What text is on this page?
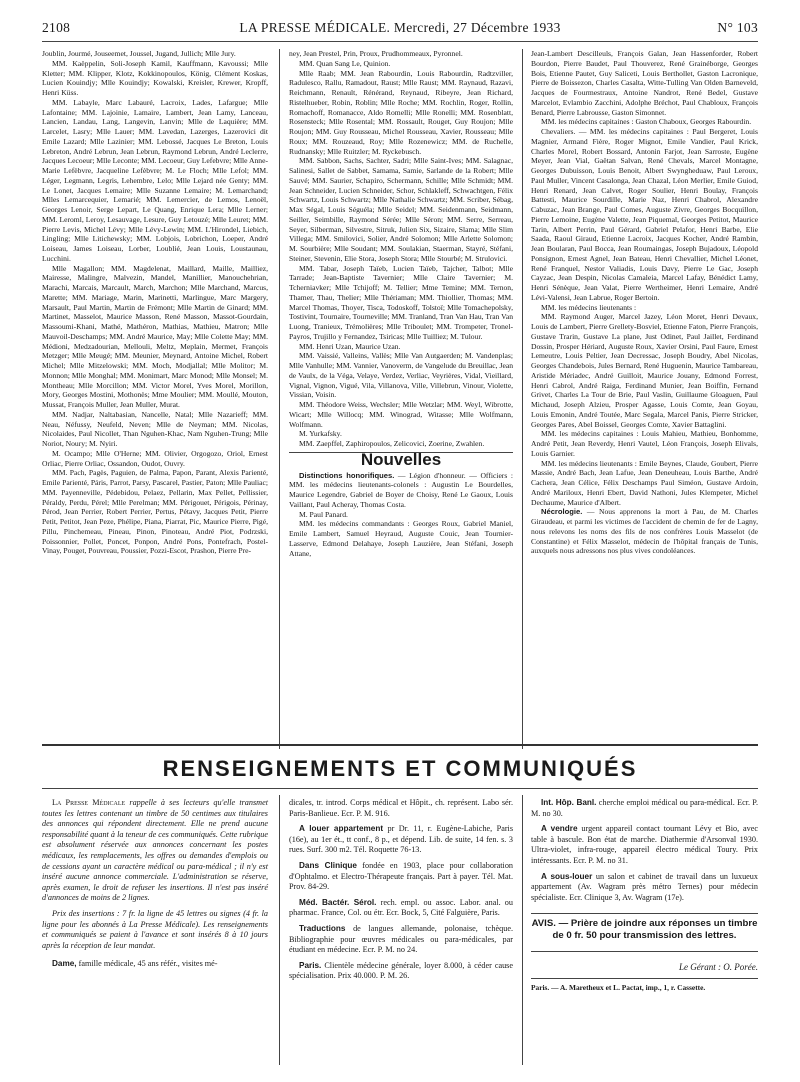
2108	LA PRESSE MÉDICALE. Mercredi, 27 Décembre 1933	N° 103

Joublin, Jourmé, Jouseemet, Joussel, Jugand, Jullich; Mlle Jury.

MM. Kaëppelin, Soli-Joseph Kamil, Kauffmann, Kavoussi; Mlle Kletter; MM. Klipper, Klotz, Kokkinopoulos, König, Clément Koskas, Lucien Kouindjy; Mlle Kouindjy; Kowalski, Kreisler, Krewer, Kropff, Henri Küss.

MM. Labayle, Marc Labauré, Lacroix, Lades, Lafargue; Mlle Lafontaine; MM. Lajoinie, Lamaire, Lambert, Jean Lamy, Lanceau, Lancien, Landau, Lang, Langevin, Lanvin; Mlle de Laquière; MM. Larcelet, Lasry; Mlle Lauer; MM. Lavedan, Lazerges, Lazerovici dit Emile Lazard; Mlle Lazinier; MM. Lebossé, Jacques Le Breton, Louis Lebreton, André Lebrun, Jean Lebrun, Raymond Lebrun, André Leclerre, Jacques Lecoeur; Mlle Leconte; MM. Lecoeur, Guy Lefebvre; Mlle Anne-Marie Lefèbvre, Jacqueline Lefèbvre; M. Le Floch; Mlle Lefol; MM. Léger, Legmann, Legris, Lehembre, Lelo; Mlle Lejard née Genty; MM. Le Lonet, Jacques Lemaire; Mlle Suzanne Lemaire; M. Lemarchand; Mlles Lemarcequier, Lemarié; MM. Lemercier, de Lemos, Lenoël, Georges Lenoir, Serge Lepart, Le Quang, Enrique Lera; Mlle Lerner; MM. Leroml, Leroy, Lesauvage, Lesure, Guy Letouzé; Mlle Leuret; MM. Pierre Levis, Michel Lévy; Mlle Lévy-Lewin; MM. L'Hirondel, Liebich, Lingling; Mlle Litichewsky; MM. Lobjois, Lobrichon, Loeper, André Loiseau, James Loiseau, Lorber, Loublié, Jean Louis, Loustaunau, Lucchini.

Mlle Magallon; MM. Magdelenat, Maillard, Maille, Mailliez, Mairesse, Malingre, Malvezin, Mandel, Manillier, Manouchehrian, Marachi, Marcais, Marcault, March, Marchon; Mlle Marchand, Marcus, Marette; MM. Mariage, Marin, Marinetti, Marlingue, Marc Margery, Marsault, Paul Martin, Martin de Frémont; Mlle Martin de Ginard; MM. Martinet, Masselot, Maurice Masson, René Masson, Massot-Gourdain, Massoumi-Khani, Mathé, Mathéron, Mathias, Mathieu, Matron; Mlle Mauvoil-Deschamps; MM. André Maurice, May; Mlle Colette May; MM. Médioni, Medzadourian, Mellouli, Meltz, Meplain, Mermet, François Metzger; Mlle Meugé; MM. Meunier, Meynard, Antoine Michel, Robert Michel; Mlle Mitzelowski; MM. Moch, Modjallal; Mlle Molitor; M. Monnon; Mlle Monghal; MM. Monimart, Marc Monod; Mlle Monsel; M. Montheau; Mlle Morcillon; MM. Victor Morel, Yves Morel, Morillon, Mory, Georges Mostini, Mothonès; Mme Moulier; MM. Moullé, Mouton, Mussat, François Muller, Jean Muller, Murat.

MM. Nadjar, Naltabasian, Nancelle, Natal; Mlle Nazarieff; MM. Neau, Néfussy, Neufeld, Neven; Mlle de Neyman; MM. Nicolas, Nicolaides, Paul Nicollet, Than Nguhen-Khac, Nam Nguhen-Trung; Mlle Noriot, Noury; M. Nyiri.

M. Ocampo; Mlle O'Herne; MM. Olivier, Orgogozo, Oriol, Ernest Orliac, Pierre Orliac, Ossandon, Oudot, Ouvry.

MM. Pach, Pagès, Paguien, de Palma, Papon, Parant, Alexis Parienté, Emile Parienté, Páris, Parrot, Parsy, Pascarel, Pastier, Paton; Mlle Pauliac; MM. Payenneville, Pédebidou, Pelaez, Pellarin, Max Pellet, Pellissier, Péraldy, Perdu, Pérel; Mlle Perelman; MM. Périgouet, Périgois, Périnay, Pérod, Jean Perrier, Robert Perrier, Pertus, Pétavy, Jacques Petit, Pierre Petit, Petitot, Jean Peze, Phélipe, Piana, Piarrat, Pic, Maurice Pierre, Pigé, Pillu, Pinchemeau, Pineau, Pinon, Pinoteau, André Piot, Podrzski, Poissonnier, Pollet, Poncet, Ponpon, André Pons, Pontefrach, Postel-Vinay, Pouget, Pouvreau, Poussier, Pozzi-Escot, Prashon, Pierre Pre-

ney, Jean Prestel, Prin, Proux, Prudhommeaux, Pyronnel.

MM. Quan Sang Le, Quinion.

Mlle Raab; MM. Jean Rabourdin, Louis Rabourdin, Radtzviller, Radulesco, Rallu, Ramadout, Raust; Mlle Raust; MM. Raynaud, Razavi, Reichmann, Renault, Rénérand, Reynaud, Ribeyre, Jean Richard, Ristelhueber, Robin, Roblin; Mlle Roche; MM. Rochlin, Roger, Rollin, Romachoff, Romanacce, Aldo Romelli; Mlle Ronelli; MM. Rosenblatt, Rosensteck; Mlle Rosental; MM. Rossault, Rouget, Guy Roujon; Mlle Roujon; MM. Guy Rousseau, Michel Rousseau, Xavier, Rousseau; Mlle Roux; MM. Rouzeaud, Roy; Mlle Rozenewicz; MM. de Ruchelle, Rudnansky; Mlle Ruitzler; M. Ryckebusch.

MM. Sabbon, Sachs, Sachter, Sadri; Mlle Saint-Ives; MM. Salagnac, Salinesi, Sallet de Sabbet, Samama, Samie, Sarlande de la Robert; Mlle Sauvé; MM. Saurier, Schapiro, Schermann, Schille; Mlle Schmidt; MM. Jean Schneider, Lucien Schneider, Schor, Schlakleff, Schwachtgen, Félix Schwartz, Louis Schwartz; Mlle Nathalie Schwartz; MM. Scriber, Sébag, Max Ségal, Louis Séguéla; Mlle Seidel; MM. Seidenmann, Seidmann, Seiller, Seimbille, Raymond Sérée; Mlle Séron; MM. Serre, Serreau, Seyer, Silberman, Silvestre, Sitruk, Julien Six, Sizaire, Slama; Mlle Slim Villega; MM. Smilovici, Solier, André Solomon; Mlle Arlette Solomon; M. Sourbière; Mlle Soudant; MM. Soulakian, Staerman, Stayré, Stéfani, Steiner, Stevenin, Elie Stora, Joseph Stora; Mlle Stourbé; M. Strulovici.

MM. Tabar, Joseph Taïeb, Lucien Taïeb, Tajcher, Talbot; Mlle Tarrade; Jean-Baptiste Tavernier; Mlle Claire Tavernier; M. Tcherniavker; Mlle Tchijoff; M. Tellier; Mme Temine; MM. Ternon, Thamer, Thau, Thelier; Mlle Thériaman; MM. Thiollier, Thomas; MM. Marcel Thomas, Thoyer, Tisca, Todoskoff, Tolstoï; Mlle Tomachepolsky, Tostivint, Tournaire, Tourneville; MM. Tranland, Tran Van Hau, Tran Van Luong, Tranieux, Trémolières; Mlle Triboulet; MM. Trompeter, Tronel-Payros, Trujillo y Fernandez, Tsiricas; Mlle Tuilliez; M. Tulour.

MM. Henri Uzan, Maurice Uzan.

MM. Vaissié, Valleins, Vallès; Mlle Van Autgaerden; M. Vandenplas; Mlle Vanhulle; MM. Vannier, Vanoverm, de Vangelude du Breuillac, Jean de Vaulx, de la Véga, Velaye, Verdez, Verliac, Veyrières, Vidal, Vieillard, Vignal, Vignon, Vigué, Vila, Villanova, Ville, Villebrun, Vinour, Violette, Vissian, Voisin.

MM. Théodore Weiss, Wechsler; Mlle Wetzlar; MM. Weyl, Wibrotte, Wicart; Mlle Willocq; MM. Winograd, Witasse; Mlle Wolfmann, Wolfmann.

M. Yurkafsky.

MM. Zaepffel, Zaphiropoulos, Zelicovici, Zoerine, Zwahlen.

Nouvelles

Distinctions honorifiques. — Légion d'honneur. — Officiers : MM. les médecins lieutenants-colonels : Augustin Le Bourdelles, Maurice Legendre, Gabriel de Boyer de Choisy, René Le Gaoux, Louis Vaillant, Paul Acheray, Thomas Costa.

M. Paul Panard.

MM. les médecins commandants : Georges Roux, Gabriel Maniel, Emile Lambert, Samuel Heyraud, Auguste Couic, Jean Tournier-Lasserve, Edmond Delahaye, Joseph Lauzière, Jean Stéfani, Joseph Attane,

Jean-Lambert Descilleuls, François Galan, Jean Hassenforder, Robert Bourdon, Pierre Baudet, Paul Thouverez, René Grainéborge, Georges Bois, Etienne Pautet, Guy Saliceti, Louis Berthollet, Gaston Lacronique, Pierre de Boissezon, Charles Casalta, Witte-Tulling Van Olden Barneveld, Jacques de Fourmestraux, Antoine Nandrot, René Bedel, Gustave Marcelot, Evlambio Zacchini, Adolphe Bréchot, Paul Chabloux, François Benard, Pierre Labrousse, Gaston Simonnet.

MM. les médecins capitaines : Gaston Chaboux, Georges Rabourdin.

Chevaliers. — MM. les médecins capitaines : Paul Bergeret, Louis Magnier, Armand Fière, Roger Mignot, Emile Vandier, Paul Krick, Charles Morel, Robert Bossard, Antonin Farjot, Jean Sarroste, Eugène Meyer, Jean Vial, Gaëtan Salvan, René Chevals, Marcel Montagne, Georges Dubuisson, Louis Benoit, Albert Swyngheduaw, Paul Leroux, Paul Muller, Vincent Casalonga, Jean Chazal, Léon Merlier, Emile Guiod, Henri Renard, Jean Calvet, Roger Soulier, Henri Boulay, François Battesti, Maurice Sourdille, Marie Naz, Henri Chabrol, Alexandre Cabuzac, Jean Brange, Paul Comes, Auguste Zivre, Georges Bocquillon, Pierre Lemoine, Eugène Valette, Jean Piquemal, Georges Petitot, Maurice Tarin, Albert Perrin, Paul Gérard, Gabriel Pelafor, Henri Barbe, Elie Saada, Raoul Giraud, Etienne Lacroix, Jacques Kocher, André Rambin, Jean Boularan, Paul Bocca, Jean Roumaingas, Joseph Bujadoux, Léopold Ponsignon, Ernest Agnel, Jean Bateau, Henri Chevallier, Michel Léonet, René Franquel, Nestor Valiadis, Louis Davy, Pierre Le Gac, Joseph Cayzac, Jean Despin, Nicolas Camaleia, Marcel Lafay, Bénédict Lamy, Henri Sénèque, Jean Valat, Pierre Wertheimer, Henri Lemaire, André Lévi-Valensi, Jean Labrue, Roger Bertoin.

MM. les médecins lieutenants :

MM. Raymond Auger, Marcel Jazey, Léon Moret, Henri Devaux, Louis de Lambert, Pierre Grellety-Bosviel, Etienne Faton, Pierre François, Gustave Trarin, Gustave La plane, Just Odinet, Paul Jaillet, Ferdinand Dossin, Prosper Hériard, Auguste Roux, Xavier Orsini, Paul Faure, Ernest Lemeutre, Louis Peltier, Jean Decressac, Joseph Boudry, Abel Nicolas, Georges Chandebois, Jules Bernard, René Huguenin, Maurice Tambareau, Aristide Mériadec, André Guilloit, Maurice Jouany, Edmond Forrest, Henri Cabrol, André Raiga, Ferdinand Munier, Jean Boiffin, Fernand Grivet, Charles La Tour de Brie, Paul Vaslin, Guillaume Gloaguen, Paul Michaud, Joseph Alzieu, Prosper Agasse, Louis Comte, Jean Goyau, Louis Emonin, André Toutée, Marc Segala, Marcel Panis, Pierre Stricker, Georges Pares, Abel Boissel, Georges Comte, Xavier Battaglini.

MM. les médecins capitaines : Louis Mahieu, Mathieu, Bonhomme, André Petit, Jean Reverdy, Henri Vautel, Léon François, Joseph Elivals, Louis Garnier.

MM. les médecins lieutenants : Emile Beynes, Claude, Goubert, Pierre Massie, André Bach, Jean Lafue, Jean Deneuheau, Louis Barthe, André Cachera, Jean Célice, Félix Deschamps Paul Siméon, Gustave Ardoin, André Mariloux, Henri Ebert, David Nathoni, Jules Klempeter, Michel Dechaume, Maurice d'Albert.

Nécrologie. — Nous apprenons la mort à Pau, de M. Charles Giraudeau, et parmi les victimes de l'accident de chemin de fer de Lagny, nous relevons les noms des fils de nos confrères Louis Masselot (de Constantine) et Félix Masselot, médecin de l'hôpital français de Tunis, auxquels nous adressons nos plus vives condoléances.

RENSEIGNEMENTS ET COMMUNIQUÉS

La Presse Médicale rappelle à ses lecteurs qu'elle transmet toutes les lettres contenant un timbre de 50 centimes aux titulaires des annonces qui répondent directement. Elle ne prend aucune responsabilité quant à la teneur de ces communiqués. Cette rubrique est absolument réservée aux annonces concernant les postes médicaux, les remplacements, les offres ou demandes d'emplois ou de cessions ayant un caractère médical ou para-médical ; il n'y est inséré aucune annonce commerciale. L'administration se réserve, après examen, le droit de refuser les insertions. Il n'est pas inséré d'annonces de moins de 2 lignes.

Prix des insertions : 7 fr. la ligne de 45 lettres ou signes (4 fr. la ligne pour les abonnés à La Presse Médicale). Les renseignements et communiqués se paient à l'avance et sont insérés 8 à 10 jours après la réception de leur mandat.

Dame, famille médicale, 45 ans référ., visites mé-

dicales, tr. introd. Corps médical et Hôpit., ch. représent. Labo sér. Paris-Banlieue. Ecr. P. M. 916.

A louer appartement pr Dr. 11, r. Eugène-Labiche, Paris (16e), au 1er ét., tt conf., 8 p., et dépend. Lib. de suite, 14 fen. s. 3 rues. Surf. 300 m2. Tél. Roquette 76-13.

Dans Clinique fondée en 1903, place pour collaboration d'Ophtalmo. et Electro-Thérapeute français. Part à payer. Tél. Mat. Prov. 84-29.

Méd. Bactér. Sérol. rech. empl. ou assoc. Labor. anal. ou pharmac. France, Col. ou étr. Ecr. Bock, 5, Cité Falguière, Paris.

Traductions de langues allemande, polonaise, tchèque. Bibliographie pour œuvres médicales ou para-médicales, par étudiant en médecine. Ecr. P. M. no 24.

Paris. Clientèle médecine générale, loyer 8.000, à céder cause spécialisation. Prix 40.000. P. M. 26.

Int. Hôp. Banl. cherche emploi médical ou para-médical. Ecr. P. M. no 30.

A vendre urgent appareil contact tournant Lévy et Bio, avec table à bascule. Bon état de marche. Diathermie d'Arsonval 1930. Ultra-violet, infra-rouge, appareil électro médical Toury. Prix intéressants. Ecr. P. M. no 31.

A sous-louer un salon et cabinet de travail dans un luxueux appartement (Av. Wagram près métro Ternes) pour médecin spécialiste. Ecr. Clinique 3, Av. Wagram (17e).

AVIS. — Prière de joindre aux réponses un timbre de 0 fr. 50 pour transmission des lettres.

Le Gérant : O. Porée.

Paris. — A. Maretheux et L. Pactat, imp., 1, r. Cassette.
